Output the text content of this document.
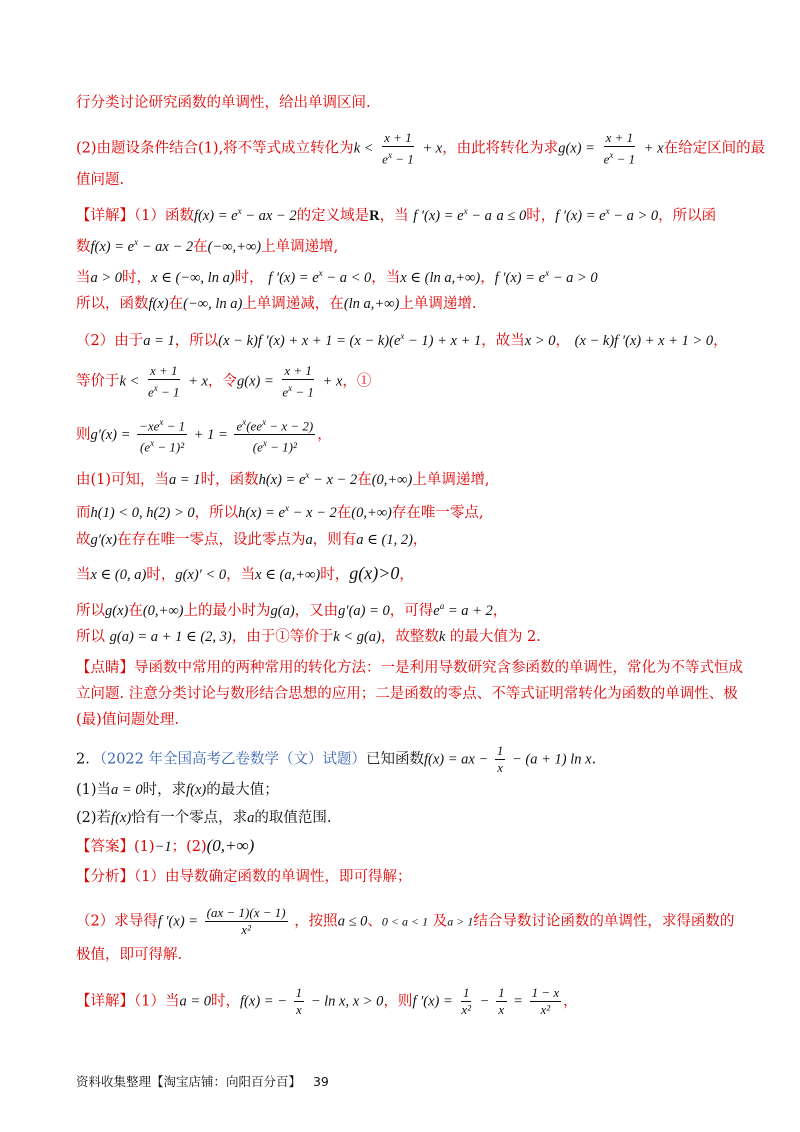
行分类讨论研究函数的单调性，给出单调区间.
(2)由题设条件结合(1),将不等式成立转化为$k < \frac{x + 1}{e^x - 1} + x$，由此将转化为求$g(x) = \frac{x + 1}{e^x - 1} + x$在给定区间的最
值问题.
【详解】（1）函数$f(x) = e^x$ − ax − 2的定义域是R，当 f $'(x) = e^x - a$ a ≤ 0时，f $'(x) = e^x - a > 0$，所以函
数$f(x) = e^x$ − ax − 2在(−∞,+∞)上单调递增,
当a > 0时，x ∈ (−∞, ln a)时， f $'(x) = e^x - a < 0$，当x ∈ (ln a,+∞)，f $'(x) = e^x - a > 0$
所以，函数f(x)在(−∞, ln a)上单调递减，在(ln a,+∞)上单调递增.
（2）由于a = 1，所以(x − k)f $'(x) + x + 1 = (x - k)(e^x - 1) + x + 1$，故当x > 0， (x − k)f ′(x) + x + 1 > 0，
等价于$k < \frac{x + 1}{e^x - 1} + x$，令$g(x) = \frac{x + 1}{e^x - 1} + x$，①
则$g'(x) = \frac{-xe^x - 1}{(e^x - 1)^2} + 1 = \frac{e^x(ee^x - x - 2)}{(e^x - 1)^2}$ ，
由(1)可知，当a = 1时，函数$h(x) = e^x - x - 2$在(0,+∞)上单调递增,
而h(1) < 0, h(2) > 0，所以$h(x) = e^x - x - 2$在(0,+∞)存在唯一零点,
故g′(x)在存在唯一零点，设此零点为a，则有a ∈ (1, 2)，
当x ∈ (0, a)时，g(x)′ < 0，当x ∈ (a,+∞)时，g(x)>0，
所以g(x)在(0,+∞)上的最小时为g(a)，又由g′(a) = 0，可得$e^a = a + 2$，
所以 g(a) = a + 1 ∈ (2, 3)，由于①等价于k < g(a)，故整数k 的最大值为 2.
【点睛】导函数中常用的两种常用的转化方法：一是利用导数研究含参函数的单调性，常化为不等式恒成
立问题. 注意分类讨论与数形结合思想的应用；二是函数的零点、不等式证明常转化为函数的单调性、极
(最)值问题处理.
2．（2022 年全国高考乙卷数学（文）试题）已知函数f(x) = ax − $\frac{1}{x} - (a + 1)$ ln x.
(1)当a = 0时，求f(x)的最大值；
(2)若f(x)恰有一个零点，求a的取值范围.
【答案】(1)−1；(2)(0,+∞)
【分析】（1）由导数确定函数的单调性，即可得解；
（2）求导得f $'(x) = \frac{(ax - 1)(x - 1)}{\text{x²}}$ ，按照a ≤ 0、0 < a < 1 及a > 1结合导数讨论函数的单调性，求得函数的
极值，即可得解.
【详解】（1）当a = 0时，f(x) = − $\frac{1}{x} - \ln x$, x > 0，则f $'(x) = \frac{1}{\text{x²}} - \frac{1}{x} = \frac{1 - x}{\text{x²}}$ ，
资料收集整理【淘宝店铺：向阳百分百】 39
